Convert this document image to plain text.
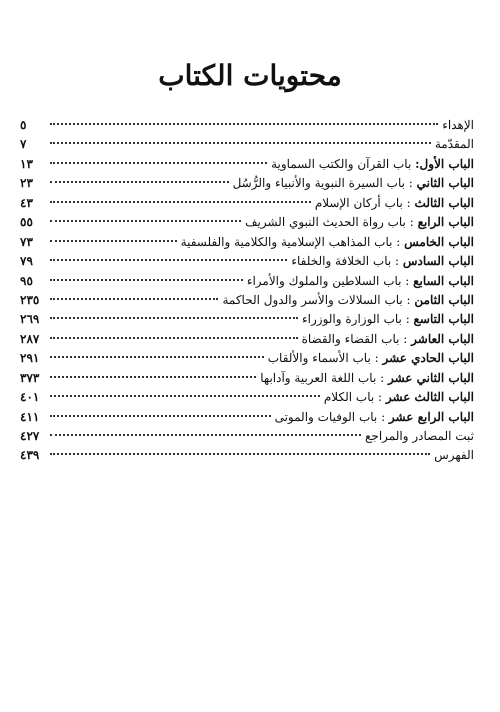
محتويات الكتاب
الإهداء
٥
المقدّمة
٧
الباب الأول: باب القرآن والكتب السماوية
١٣
الباب الثاني : باب السيرة النبوية والأنبياء والرُّسُل
٢٣
الباب الثالث : باب أركان الإسلام
٤٣
الباب الرابع : باب رواة الحديث النبوي الشريف
٥٥
الباب الخامس : باب المذاهب الإسلامية والكلامية والفلسفية
٧٣
الباب السادس : باب الخلافة والخلفاء
٧٩
الباب السابع : باب السلاطين والملوك والأمراء
٩٥
الباب الثامن : باب السلالات والأسر والدول الحاكمة
٢٣٥
الباب التاسع : باب الوزارة والوزراء
٢٦٩
الباب العاشر : باب القضاء والقضاة
٢٨٧
الباب الحادي عشر : باب الأسماء والألقاب
٢٩١
الباب الثاني عشر : باب اللغة العربية وآدابها
٣٧٣
الباب الثالث عشر : باب الكلام
٤٠١
الباب الرابع عشر : باب الوفيات والموتى
٤١١
ثبت المصادر والمراجع
٤٢٧
الفهرس
٤٣٩
